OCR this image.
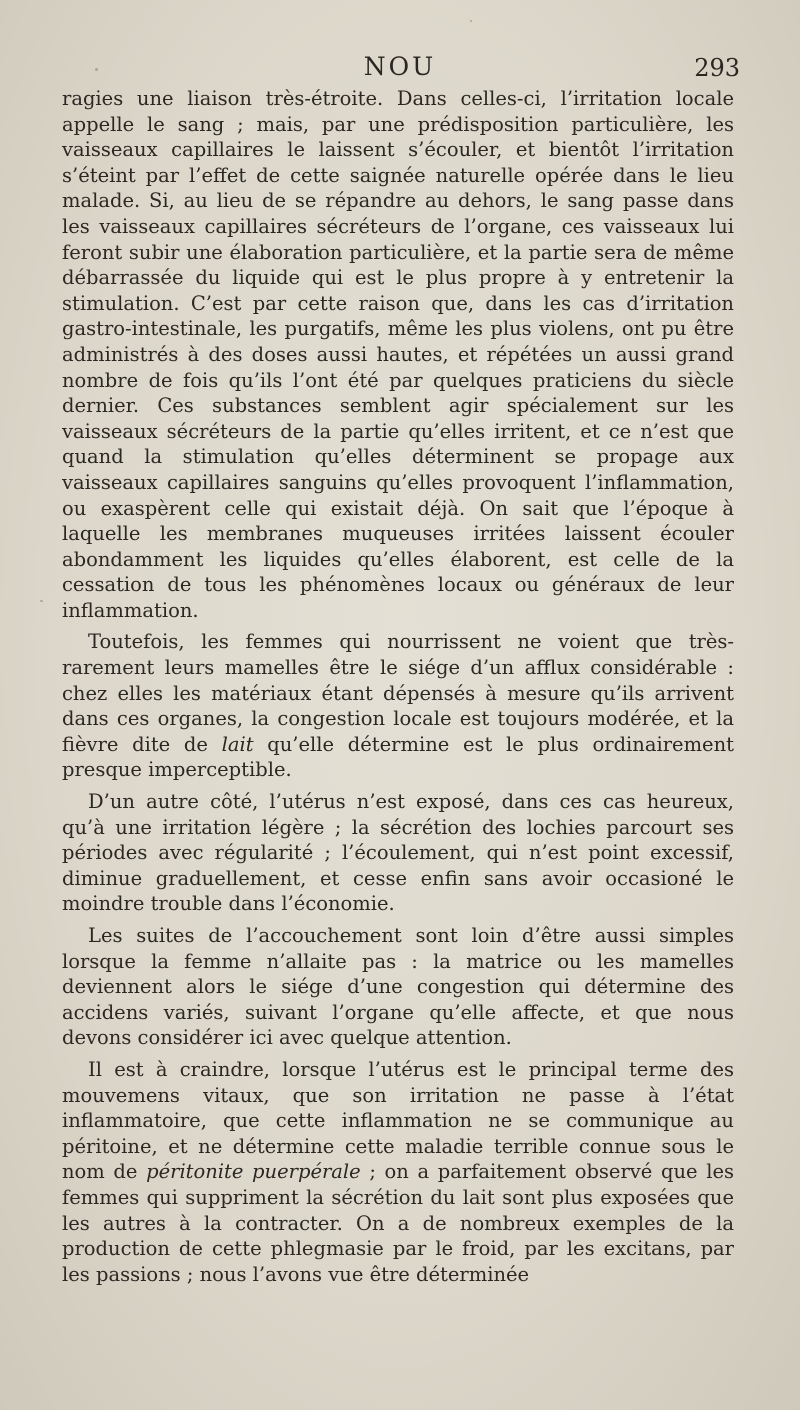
NOU	293

ragies une liaison très-étroite. Dans celles-ci, l’irritation locale appelle le sang ; mais, par une prédisposition particulière, les vaisseaux capillaires le laissent s’écouler, et bientôt l’irritation s’éteint par l’effet de cette saignée naturelle opérée dans le lieu malade. Si, au lieu de se répandre au dehors, le sang passe dans les vaisseaux capillaires sécréteurs de l’organe, ces vaisseaux lui feront subir une élaboration particulière, et la partie sera de même débarrassée du liquide qui est le plus propre à y entretenir la stimulation. C’est par cette raison que, dans les cas d’irritation gastro-intestinale, les purgatifs, même les plus violens, ont pu être administrés à des doses aussi hautes, et répétées un aussi grand nombre de fois qu’ils l’ont été par quelques praticiens du siècle dernier. Ces substances semblent agir spécialement sur les vaisseaux sécréteurs de la partie qu’elles irritent, et ce n’est que quand la stimulation qu’elles déterminent se propage aux vaisseaux capillaires sanguins qu’elles provoquent l’inflammation, ou exaspèrent celle qui existait déjà. On sait que l’époque à laquelle les membranes muqueuses irritées laissent écouler abondamment les liquides qu’elles élaborent, est celle de la cessation de tous les phénomènes locaux ou généraux de leur inflammation.

Toutefois, les femmes qui nourrissent ne voient que très-rarement leurs mamelles être le siége d’un afflux considérable : chez elles les matériaux étant dépensés à mesure qu’ils arrivent dans ces organes, la congestion locale est toujours modérée, et la fièvre dite de lait qu’elle détermine est le plus ordinairement presque imperceptible.

D’un autre côté, l’utérus n’est exposé, dans ces cas heureux, qu’à une irritation légère ; la sécrétion des lochies parcourt ses périodes avec régularité ; l’écoulement, qui n’est point excessif, diminue graduellement, et cesse enfin sans avoir occasioné le moindre trouble dans l’économie.

Les suites de l’accouchement sont loin d’être aussi simples lorsque la femme n’allaite pas : la matrice ou les mamelles deviennent alors le siége d’une congestion qui détermine des accidens variés, suivant l’organe qu’elle affecte, et que nous devons considérer ici avec quelque attention.

Il est à craindre, lorsque l’utérus est le principal terme des mouvemens vitaux, que son irritation ne passe à l’état inflammatoire, que cette inflammation ne se communique au péritoine, et ne détermine cette maladie terrible connue sous le nom de péritonite puerpérale ; on a parfaitement observé que les femmes qui suppriment la sécrétion du lait sont plus exposées que les autres à la contracter. On a de nombreux exemples de la production de cette phlegmasie par le froid, par les excitans, par les passions ; nous l’avons vue être déterminée
